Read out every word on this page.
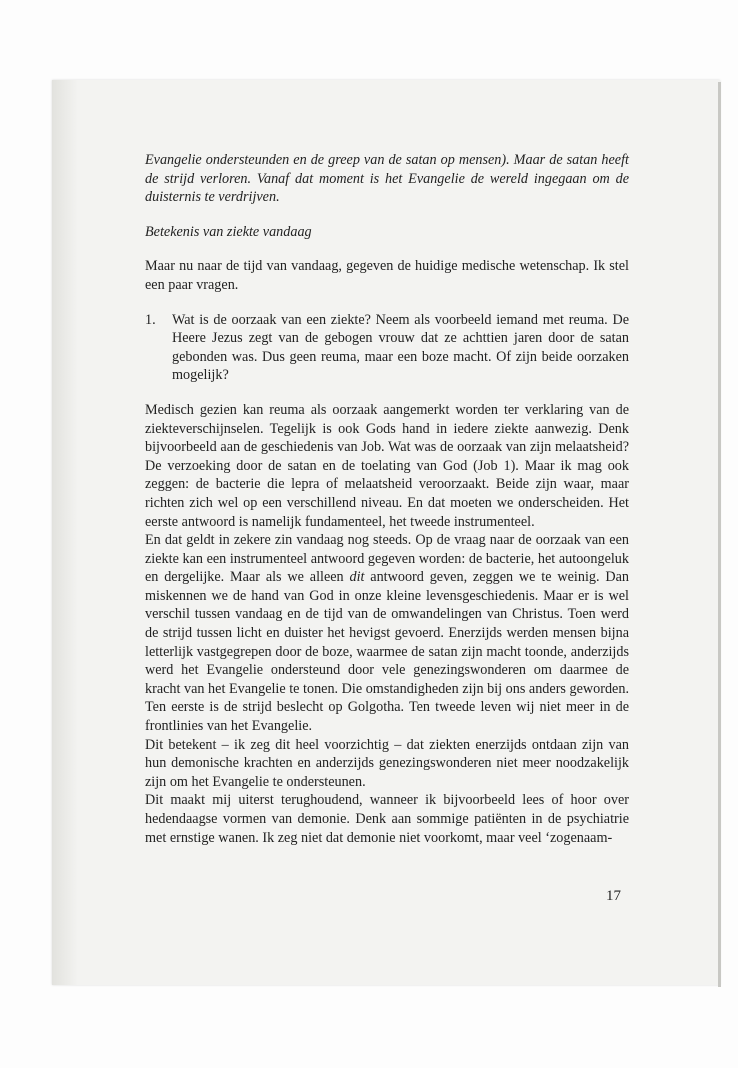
Evangelie ondersteunden en de greep van de satan op mensen). Maar de satan heeft de strijd verloren. Vanaf dat moment is het Evangelie de wereld ingegaan om de duisternis te verdrijven.

Betekenis van ziekte vandaag

Maar nu naar de tijd van vandaag, gegeven de huidige medische wetenschap. Ik stel een paar vragen.

1.	Wat is de oorzaak van een ziekte? Neem als voorbeeld iemand met reuma. De Heere Jezus zegt van de gebogen vrouw dat ze achttien jaren door de satan gebonden was. Dus geen reuma, maar een boze macht. Of zijn beide oorzaken mogelijk?

Medisch gezien kan reuma als oorzaak aangemerkt worden ter verklaring van de ziekteverschijnselen. Tegelijk is ook Gods hand in iedere ziekte aanwezig. Denk bijvoorbeeld aan de geschiedenis van Job. Wat was de oorzaak van zijn melaatsheid? De verzoeking door de satan en de toelating van God (Job 1). Maar ik mag ook zeggen: de bacterie die lepra of melaatsheid veroorzaakt. Beide zijn waar, maar richten zich wel op een verschillend niveau. En dat moeten we onderscheiden. Het eerste antwoord is namelijk fundamenteel, het tweede instrumenteel.

En dat geldt in zekere zin vandaag nog steeds. Op de vraag naar de oorzaak van een ziekte kan een instrumenteel antwoord gegeven worden: de bacterie, het autoongeluk en dergelijke. Maar als we alleen dit antwoord geven, zeggen we te weinig. Dan miskennen we de hand van God in onze kleine levensgeschiedenis. Maar er is wel verschil tussen vandaag en de tijd van de omwandelingen van Christus. Toen werd de strijd tussen licht en duister het hevigst gevoerd. Enerzijds werden mensen bijna letterlijk vastgegrepen door de boze, waarmee de satan zijn macht toonde, anderzijds werd het Evangelie ondersteund door vele genezingswonderen om daarmee de kracht van het Evangelie te tonen. Die omstandigheden zijn bij ons anders geworden. Ten eerste is de strijd beslecht op Golgotha. Ten tweede leven wij niet meer in de frontlinies van het Evangelie.

Dit betekent – ik zeg dit heel voorzichtig – dat ziekten enerzijds ontdaan zijn van hun demonische krachten en anderzijds genezingswonderen niet meer noodzakelijk zijn om het Evangelie te ondersteunen.

Dit maakt mij uiterst terughoudend, wanneer ik bijvoorbeeld lees of hoor over hedendaagse vormen van demonie. Denk aan sommige patiënten in de psychiatrie met ernstige wanen. Ik zeg niet dat demonie niet voorkomt, maar veel ‘zogenaam-

17
